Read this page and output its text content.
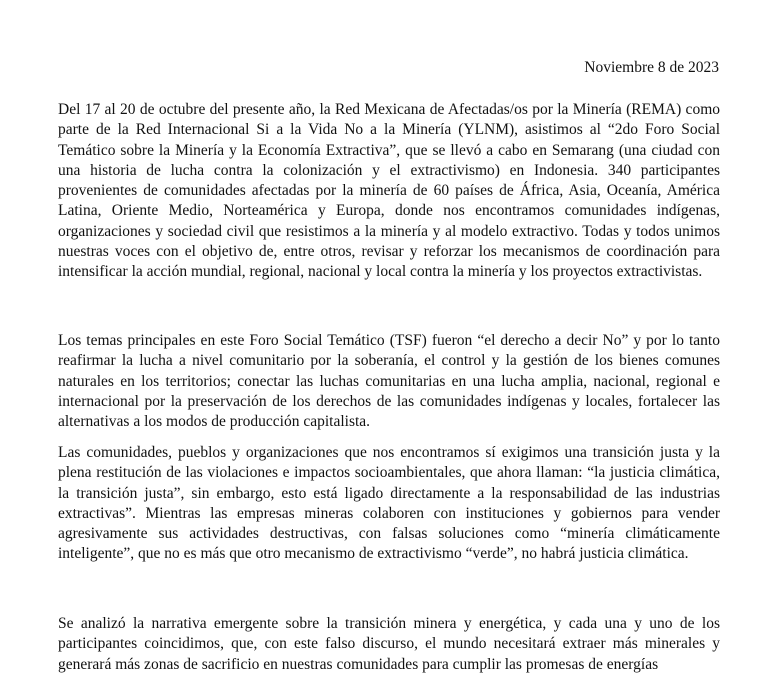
Noviembre 8 de 2023

Del 17 al 20 de octubre del presente año, la Red Mexicana de Afectadas/os por la Minería (REMA) como parte de la Red Internacional Si a la Vida No a la Minería (YLNM), asistimos al “2do Foro Social Temático sobre la Minería y la Economía Extractiva”, que se llevó a cabo en Semarang (una ciudad con una historia de lucha contra la colonización y el extractivismo) en Indonesia. 340 participantes provenientes de comunidades afectadas por la minería de 60 países de África, Asia, Oceanía, América Latina, Oriente Medio, Norteamérica y Europa, donde nos encontramos comunidades indígenas, organizaciones y sociedad civil que resistimos a la minería y al modelo extractivo. Todas y todos unimos nuestras voces con el objetivo de, entre otros, revisar y reforzar los mecanismos de coordinación para intensificar la acción mundial, regional, nacional y local contra la minería y los proyectos extractivistas.

Los temas principales en este Foro Social Temático (TSF) fueron “el derecho a decir No” y por lo tanto reafirmar la lucha a nivel comunitario por la soberanía, el control y la gestión de los bienes comunes naturales en los territorios; conectar las luchas comunitarias en una lucha amplia, nacional, regional e internacional por la preservación de los derechos de las comunidades indígenas y locales, fortalecer las alternativas a los modos de producción capitalista.

Las comunidades, pueblos y organizaciones que nos encontramos sí exigimos una transición justa y la plena restitución de las violaciones e impactos socioambientales, que ahora llaman: “la justicia climática, la transición justa”, sin embargo, esto está ligado directamente a la responsabilidad de las industrias extractivas”. Mientras las empresas mineras colaboren con instituciones y gobiernos para vender agresivamente sus actividades destructivas, con falsas soluciones como “minería climáticamente inteligente”, que no es más que otro mecanismo de extractivismo “verde”, no habrá justicia climática.

Se analizó la narrativa emergente sobre la transición minera y energética, y cada una y uno de los participantes coincidimos, que, con este falso discurso, el mundo necesitará extraer más minerales y generará más zonas de sacrificio en nuestras comunidades para cumplir las promesas de energías
